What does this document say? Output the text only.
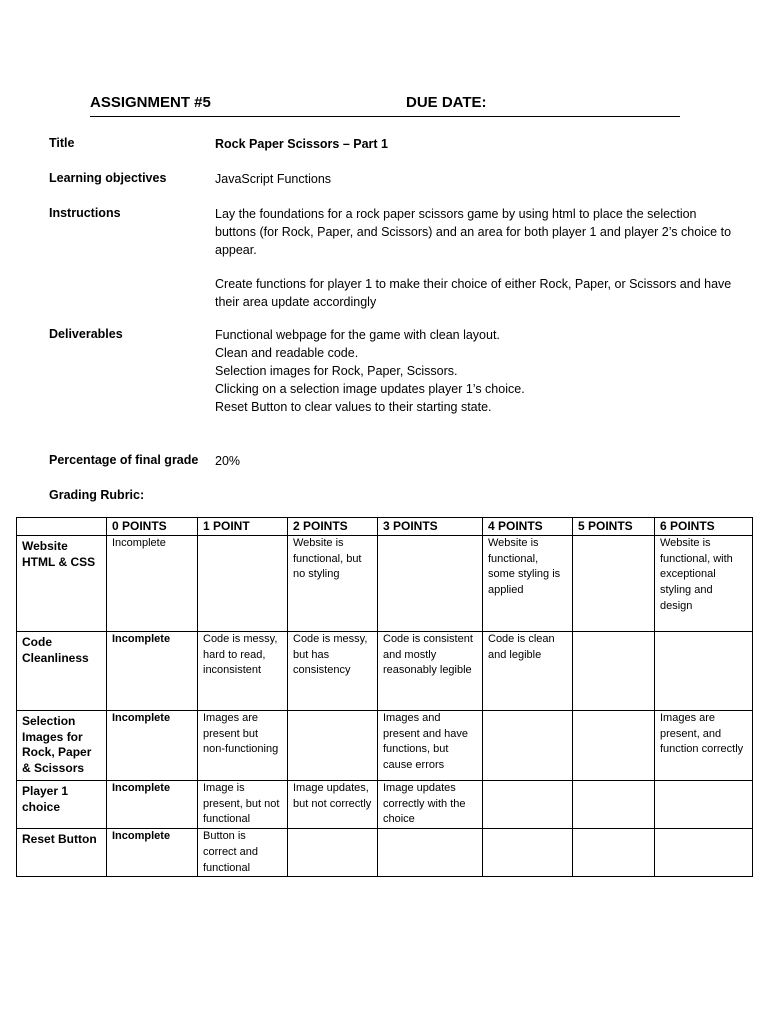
ASSIGNMENT #5	DUE DATE:
Title	Rock Paper Scissors – Part 1
Learning objectives	JavaScript Functions
Instructions	Lay the foundations for a rock paper scissors game by using html to place the selection buttons (for Rock, Paper, and Scissors) and an area for both player 1 and player 2’s choice to appear.

Create functions for player 1 to make their choice of either Rock, Paper, or Scissors and have their area update accordingly

Deliverables	Functional webpage for the game with clean layout.
Clean and readable code.
Selection images for Rock, Paper, Scissors.
Clicking on a selection image updates player 1’s choice.
Reset Button to clear values to their starting state.
Percentage of final grade 20%
Grading Rubric:
	0 POINTS	1 POINT	2 POINTS	3 POINTS	4 POINTS	5 POINTS	6 POINTS
Website HTML & CSS	Incomplete		Website is functional, but no styling		Website is functional, some styling is applied		Website is functional, with exceptional styling and design
Code Cleanliness	Incomplete	Code is messy, hard to read, inconsistent	Code is messy, but has consistency	Code is consistent and mostly reasonably legible	Code is clean and legible		
Selection Images for Rock, Paper & Scissors	Incomplete	Images are present but non-functioning		Images and present and have functions, but cause errors			Images are present, and function correctly
Player 1 choice	Incomplete	Image is present, but not functional	Image updates, but not correctly	Image updates correctly with the choice			
Reset Button	Incomplete	Button is correct and functional					
